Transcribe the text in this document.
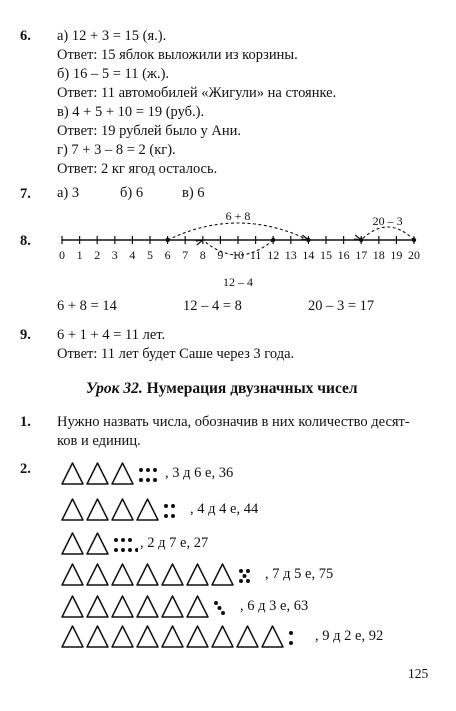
6. а) 12 + 3 = 15 (я.).
Ответ: 15 яблок выложили из корзины.
б) 16 – 5 = 11 (ж.).
Ответ: 11 автомобилей «Жигули» на стоянке.
в) 4 + 5 + 10 = 19 (руб.).
Ответ: 19 рублей было у Ани.
г) 7 + 3 – 8 = 2 (кг).
Ответ: 2 кг ягод осталось.
7. а) 3	б) 6	в) 6
8.
0 1 2 3 4 5 6 7 8 9 10 11 12 13 14 15 16 17 18 19 20
6 + 8
12 – 4
20 – 3
6 + 8 = 14	12 – 4 = 8	20 – 3 = 17
9. 6 + 1 + 4 = 11 лет.
Ответ: 11 лет будет Саше через 3 года.
Урок 32. Нумерация двузначных чисел
1. Нужно назвать числа, обозначив в них количество десят-
ков и единиц.
2.	, 3 д 6 е, 36
, 4 д 4 е, 44
, 2 д 7 е, 27
, 7 д 5 е, 75
, 6 д 3 е, 63
, 9 д 2 е, 92
125
